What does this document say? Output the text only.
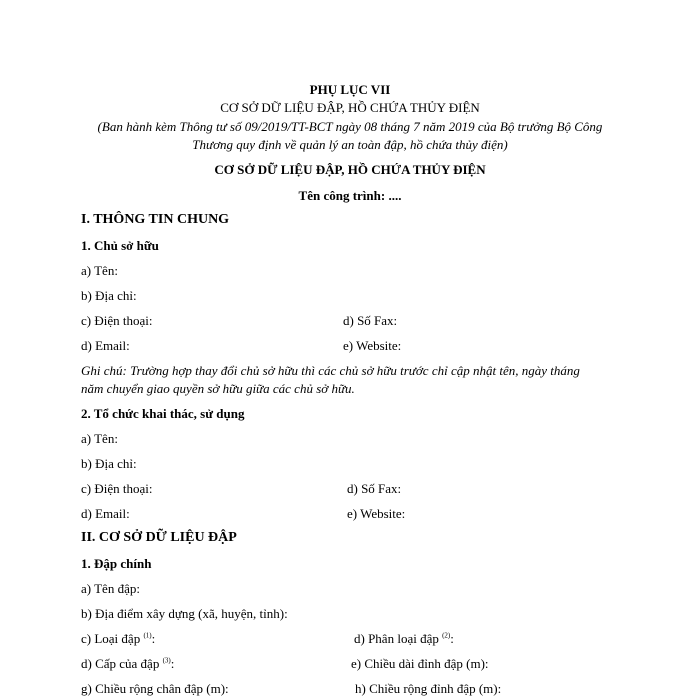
PHỤ LỤC VII
CƠ SỞ DỮ LIỆU ĐẬP, HỒ CHỨA THỦY ĐIỆN
(Ban hành kèm Thông tư số 09/2019/TT-BCT ngày 08 tháng 7 năm 2019 của Bộ trưởng Bộ Công
Thương quy định về quản lý an toàn đập, hồ chứa thủy điện)
CƠ SỞ DỮ LIỆU ĐẬP, HỒ CHỨA THỦY ĐIỆN
Tên công trình: ....
I. THÔNG TIN CHUNG
1. Chủ sở hữu
a) Tên:
b) Địa chỉ:
c) Điện thoại:	d) Số Fax:
d) Email:	e) Website:
Ghi chú: Trường hợp thay đổi chủ sở hữu thì các chủ sở hữu trước chỉ cập nhật tên, ngày tháng
năm chuyển giao quyền sở hữu giữa các chủ sở hữu.
2. Tổ chức khai thác, sử dụng
a) Tên:
b) Địa chỉ:
c) Điện thoại:	d) Số Fax:
d) Email:	e) Website:
II. CƠ SỞ DỮ LIỆU ĐẬP
1. Đập chính
a) Tên đập:
b) Địa điểm xây dựng (xã, huyện, tỉnh):
c) Loại đập $^{(1)}$:	d) Phân loại đập $^{(2)}$:
d) Cấp của đập $^{(3)}$:	e) Chiều dài đỉnh đập (m):
g) Chiều rộng chân đập (m):	h) Chiều rộng đỉnh đập (m):
